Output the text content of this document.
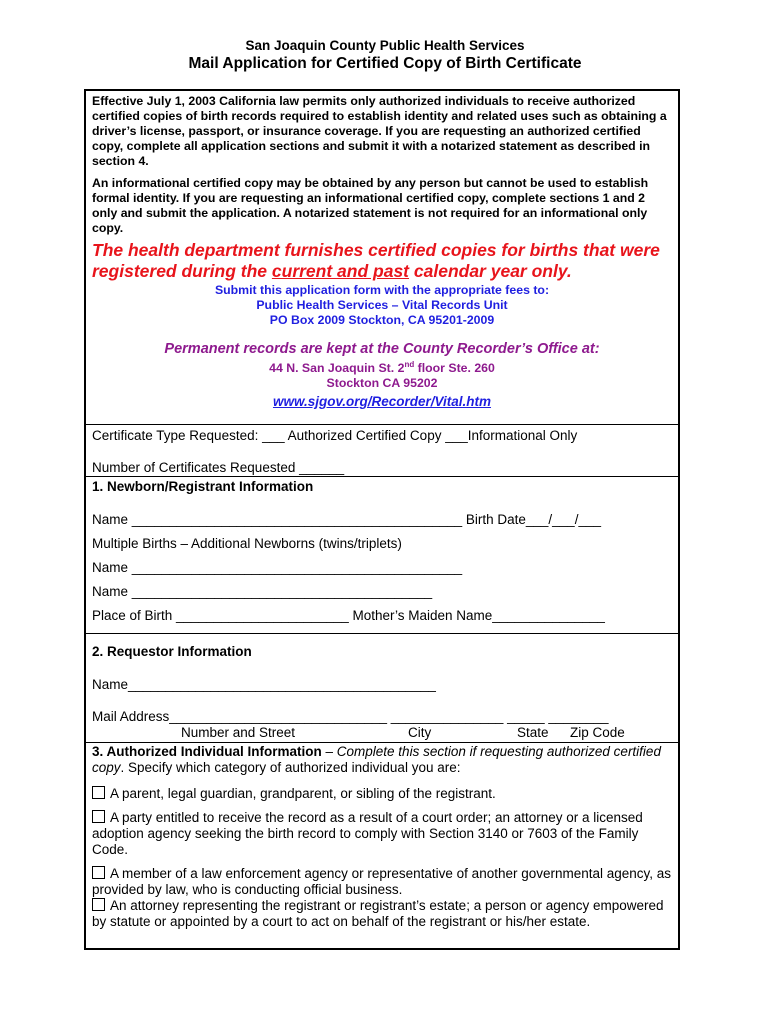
San Joaquin County Public Health Services
Mail Application for Certified Copy of Birth Certificate

Effective July 1, 2003 California law permits only authorized individuals to receive authorized certified copies of birth records required to establish identity and related uses such as obtaining a driver’s license, passport, or insurance coverage. If you are requesting an authorized certified copy, complete all application sections and submit it with a notarized statement as described in section 4.

An informational certified copy may be obtained by any person but cannot be used to establish formal identity. If you are requesting an informational certified copy, complete sections 1 and 2 only and submit the application. A notarized statement is not required for an informational only copy.

The health department furnishes certified copies for births that were registered during the current and past calendar year only.

Submit this application form with the appropriate fees to:

Public Health Services – Vital Records Unit

PO Box 2009 Stockton, CA 95201-2009

Permanent records are kept at the County Recorder’s Office at:

44 N. San Joaquin St. 2nd floor Ste. 260

Stockton CA 95202

www.sjgov.org/Recorder/Vital.htm

Certificate Type Requested: ___ Authorized Certified Copy ___Informational Only
Number of Certificates Requested ______
1. Newborn/Registrant Information
Name ____________________________________________ Birth Date___/___/___
Multiple Births – Additional Newborns (twins/triplets)
Name ____________________________________________
Name ________________________________________
Place of Birth _______________________ Mother’s Maiden Name_______________
2. Requestor Information
Name_________________________________________
Mail Address_____________________________ _______________ _____ ________
Number and Street	City	State Zip Code
3. Authorized Individual Information – Complete this section if requesting authorized certified copy. Specify which category of authorized individual you are:
A parent, legal guardian, grandparent, or sibling of the registrant.
A party entitled to receive the record as a result of a court order; an attorney or a licensed adoption agency seeking the birth record to comply with Section 3140 or 7603 of the Family Code.
A member of a law enforcement agency or representative of another governmental agency, as provided by law, who is conducting official business.
An attorney representing the registrant or registrant’s estate; a person or agency empowered by statute or appointed by a court to act on behalf of the registrant or his/her estate.
